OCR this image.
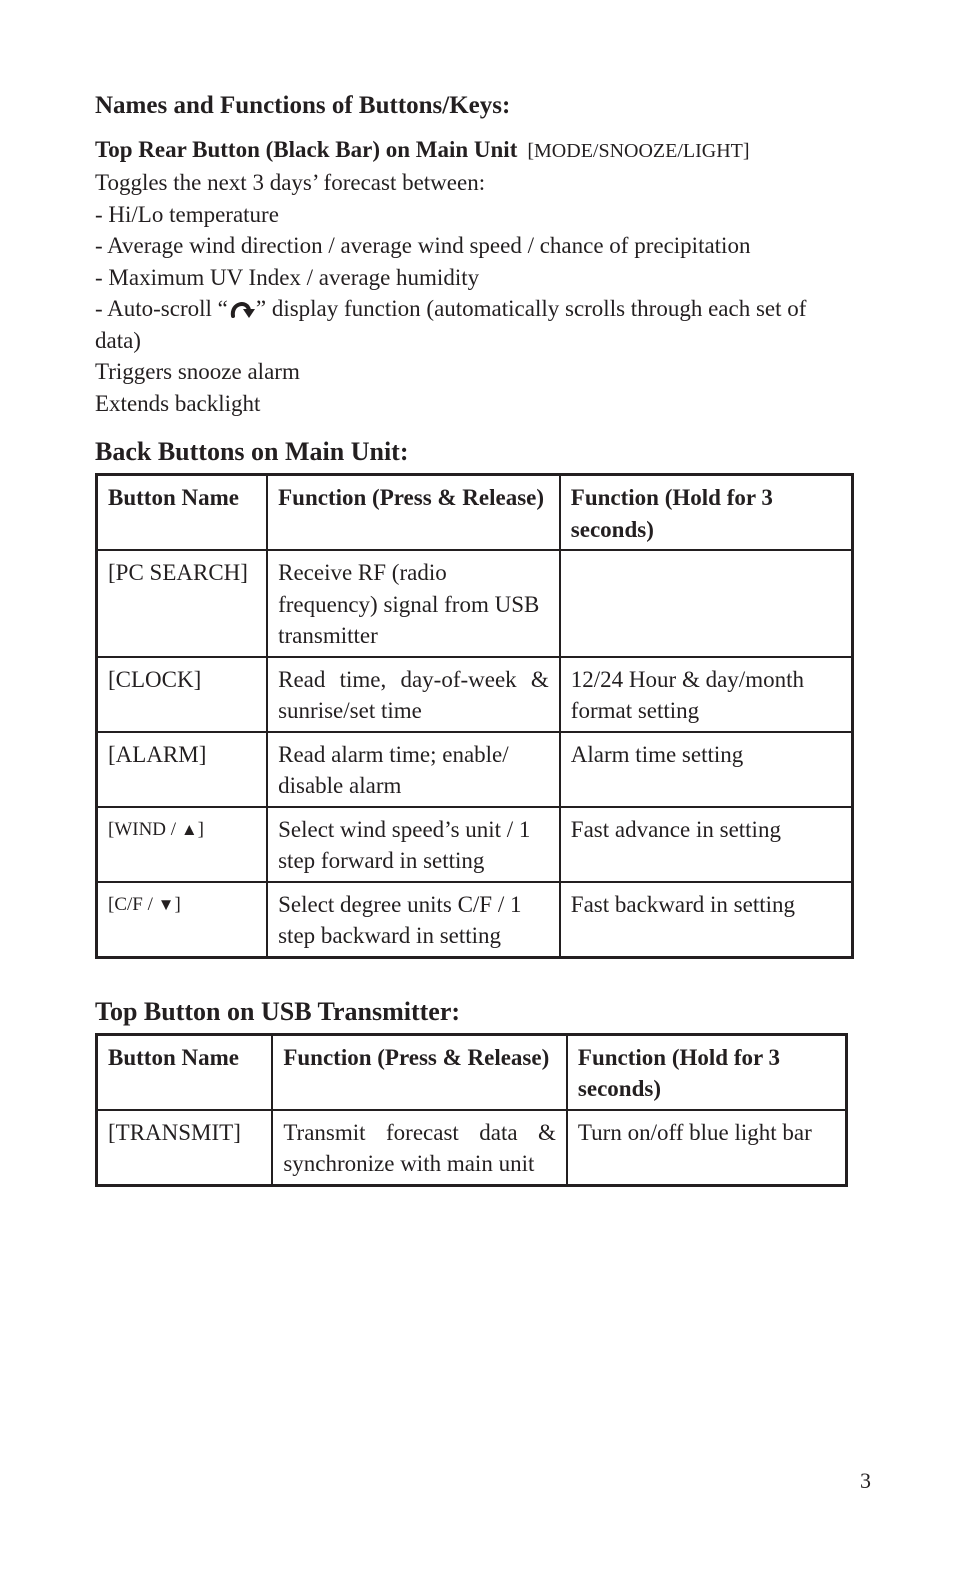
Names and Functions of Buttons/Keys:
Top Rear Button (Black Bar) on Main Unit [MODE/SNOOZE/LIGHT]
Toggles the next 3 days’ forecast between:
- Hi/Lo temperature
- Average wind direction / average wind speed / chance of precipitation
- Maximum UV Index / average humidity
- Auto-scroll “ ” display function (automatically scrolls through each set of data)
Triggers snooze alarm
Extends backlight
Back Buttons on Main Unit:
Button Name	Function (Press & Release)	Function (Hold for 3 seconds)
[PC SEARCH]	Receive RF (radio frequency) signal from USB transmitter	
[CLOCK]	Read time, day-of-week & sunrise/set time	12/24 Hour & day/month format setting
[ALARM]	Read alarm time; enable/ disable alarm	Alarm time setting
[WIND / ▲]	Select wind speed’s unit / 1 step forward in setting	Fast advance in setting
[C/F / ▼]	Select degree units C/F / 1 step backward in setting	Fast backward in setting
Top Button on USB Transmitter:
Button Name	Function (Press & Release)	Function (Hold for 3 seconds)
[TRANSMIT]	Transmit forecast data & synchronize with main unit	Turn on/off blue light bar
3
